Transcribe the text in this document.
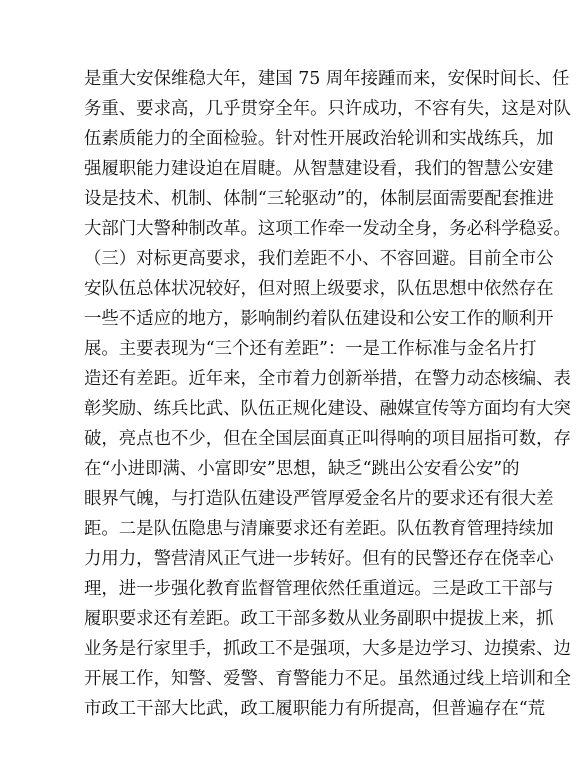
是重大安保维稳大年，建国 75 周年接踵而来，安保时间长、任
务重、要求高，几乎贯穿全年。只许成功，不容有失，这是对队
伍素质能力的全面检验。针对性开展政治轮训和实战练兵，加
强履职能力建设迫在眉睫。从智慧建设看，我们的智慧公安建
设是技术、机制、体制“三轮驱动”的，体制层面需要配套推进
大部门大警种制改革。这项工作牵一发动全身，务必科学稳妥。
（三）对标更高要求，我们差距不小、不容回避。目前全市公
安队伍总体状况较好，但对照上级要求，队伍思想中依然存在
一些不适应的地方，影响制约着队伍建设和公安工作的顺利开
展。主要表现为“三个还有差距”：一是工作标准与金名片打
造还有差距。近年来，全市着力创新举措，在警力动态核编、表
彰奖励、练兵比武、队伍正规化建设、融媒宣传等方面均有大突
破，亮点也不少，但在全国层面真正叫得响的项目屈指可数，存
在“小进即满、小富即安”思想，缺乏“跳出公安看公安”的
眼界气魄，与打造队伍建设严管厚爱金名片的要求还有很大差
距。二是队伍隐患与清廉要求还有差距。队伍教育管理持续加
力用力，警营清风正气进一步转好。但有的民警还存在侥幸心
理，进一步强化教育监督管理依然任重道远。三是政工干部与
履职要求还有差距。政工干部多数从业务副职中提拔上来，抓
业务是行家里手，抓政工不是强项，大多是边学习、边摸索、边
开展工作，知警、爱警、育警能力不足。虽然通过线上培训和全
市政工干部大比武，政工履职能力有所提高，但普遍存在“荒
